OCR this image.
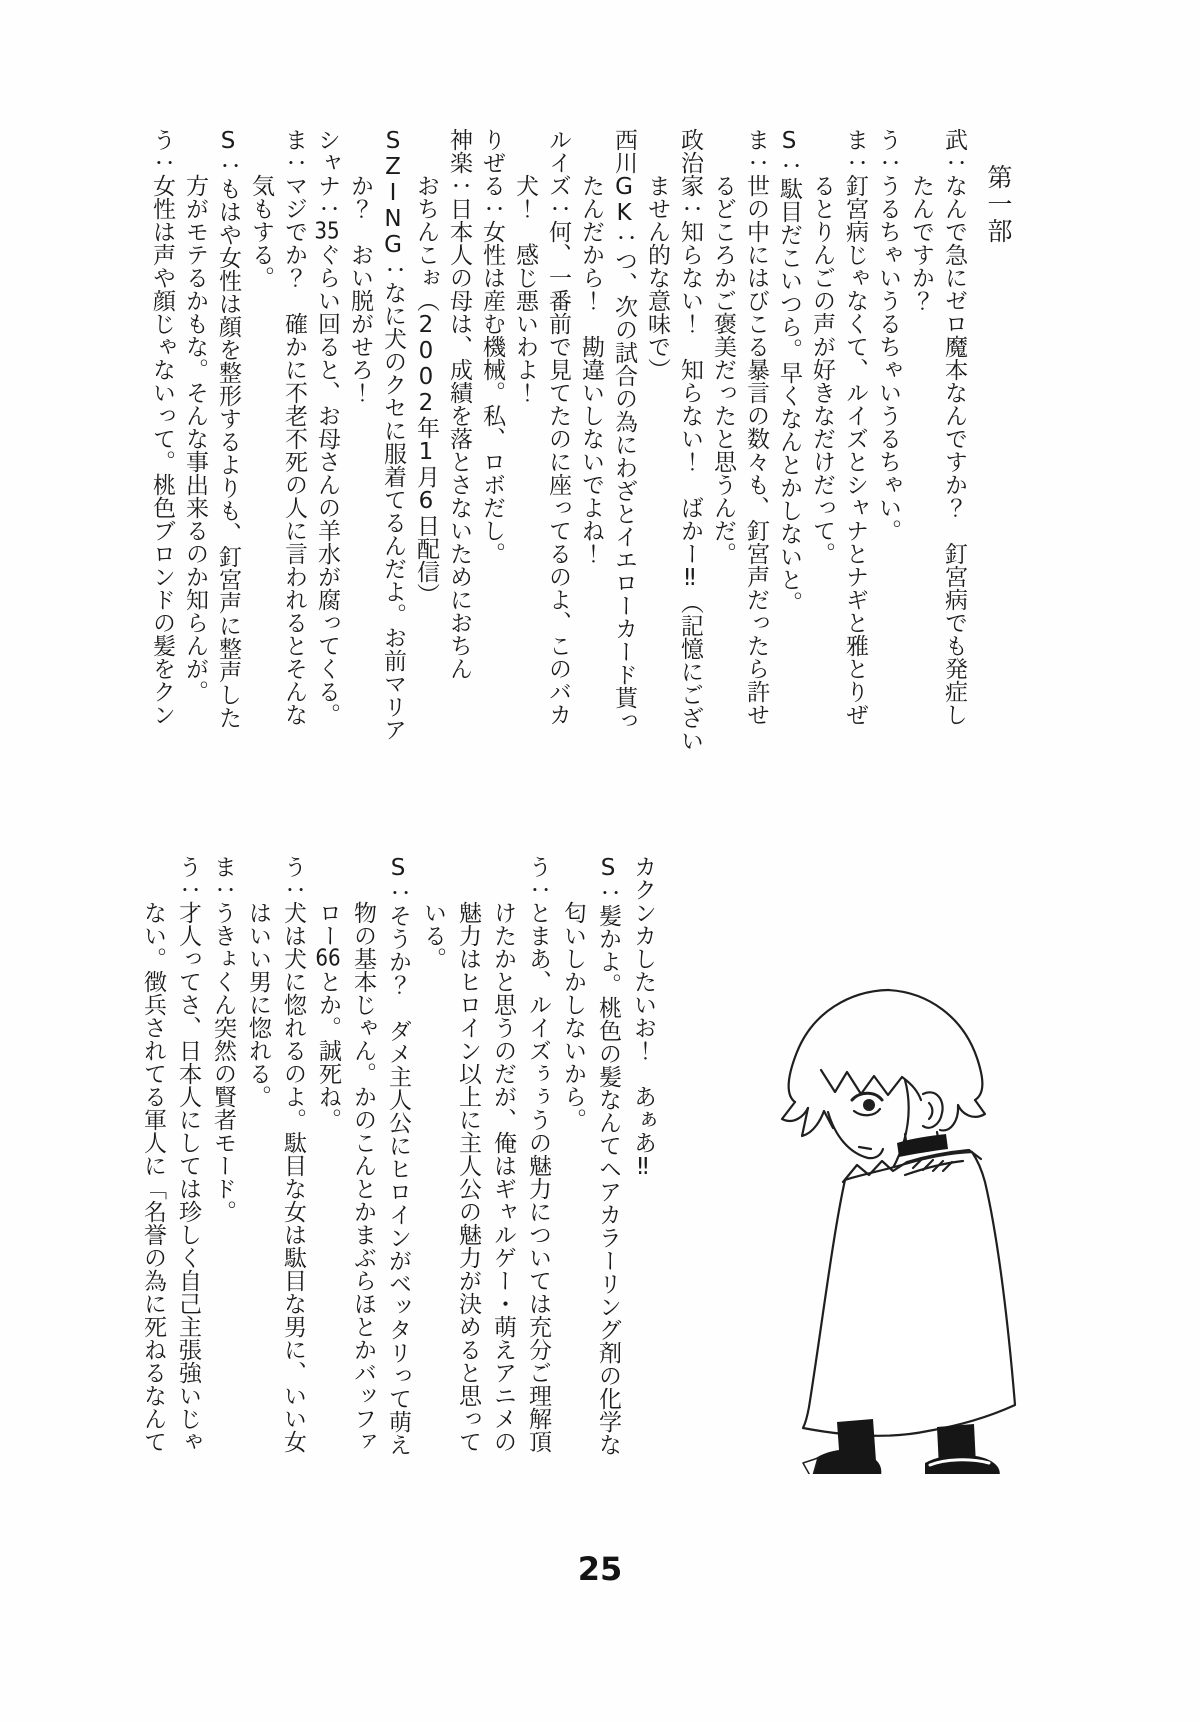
第一部
武：なんで急にゼロ魔本なんですか？　釘宮病でも発症し
たんですか？
う：うるちゃいうるちゃいうるちゃい。
ま：釘宮病じゃなくて、ルイズとシャナとナギと雅とりぜ
るとりんごの声が好きなだけだって。
S：駄目だこいつら。早くなんとかしないと。
ま：世の中にはびこる暴言の数々も、釘宮声だったら許せ
るどころかご褒美だったと思うんだ。
政治家：知らない！　知らない！　ばかー‼（記憶にござい
ません的な意味で）
西川GK：つ、次の試合の為にわざとイエローカード貰っ
たんだから！　勘違いしないでよね！
ルイズ：何、一番前で見てたのに座ってるのよ、このバカ
犬！　感じ悪いわよ！
りぜる：女性は産む機械。私、ロボだし。
神楽：日本人の母は、成績を落とさないためにおちん
おちんこぉ（2002年1月6日配信）
SZING：なに犬のクセに服着てるんだよ。お前マリア
か？　おい脱がせろ！
シャナ：35ぐらい回ると、お母さんの羊水が腐ってくる。
ま：マジでか？　確かに不老不死の人に言われるとそんな
気もする。
S：もはや女性は顔を整形するよりも、釘宮声に整声した
方がモテるかもな。そんな事出来るのか知らんが。
う：女性は声や顔じゃないって。桃色ブロンドの髪をクン
カクンカしたいお！　あぁあ‼
S：髪かよ。桃色の髪なんてヘアカラーリング剤の化学な
匂いしかしないから。
う：とまあ、ルイズぅぅうの魅力については充分ご理解頂
けたかと思うのだが、俺はギャルゲー・萌えアニメの
魅力はヒロイン以上に主人公の魅力が決めると思って
いる。
S：そうか？　ダメ主人公にヒロインがベッタリって萌え
物の基本じゃん。かのこんとかまぶらほとかバッファ
ロー66とか。誠死ね。
う：犬は犬に惚れるのよ。駄目な女は駄目な男に、いい女
はいい男に惚れる。
ま：うきょくん突然の賢者モード。
う：才人ってさ、日本人にしては珍しく自己主張強いじゃ
ない。徴兵されてる軍人に「名誉の為に死ねるなんて
25
